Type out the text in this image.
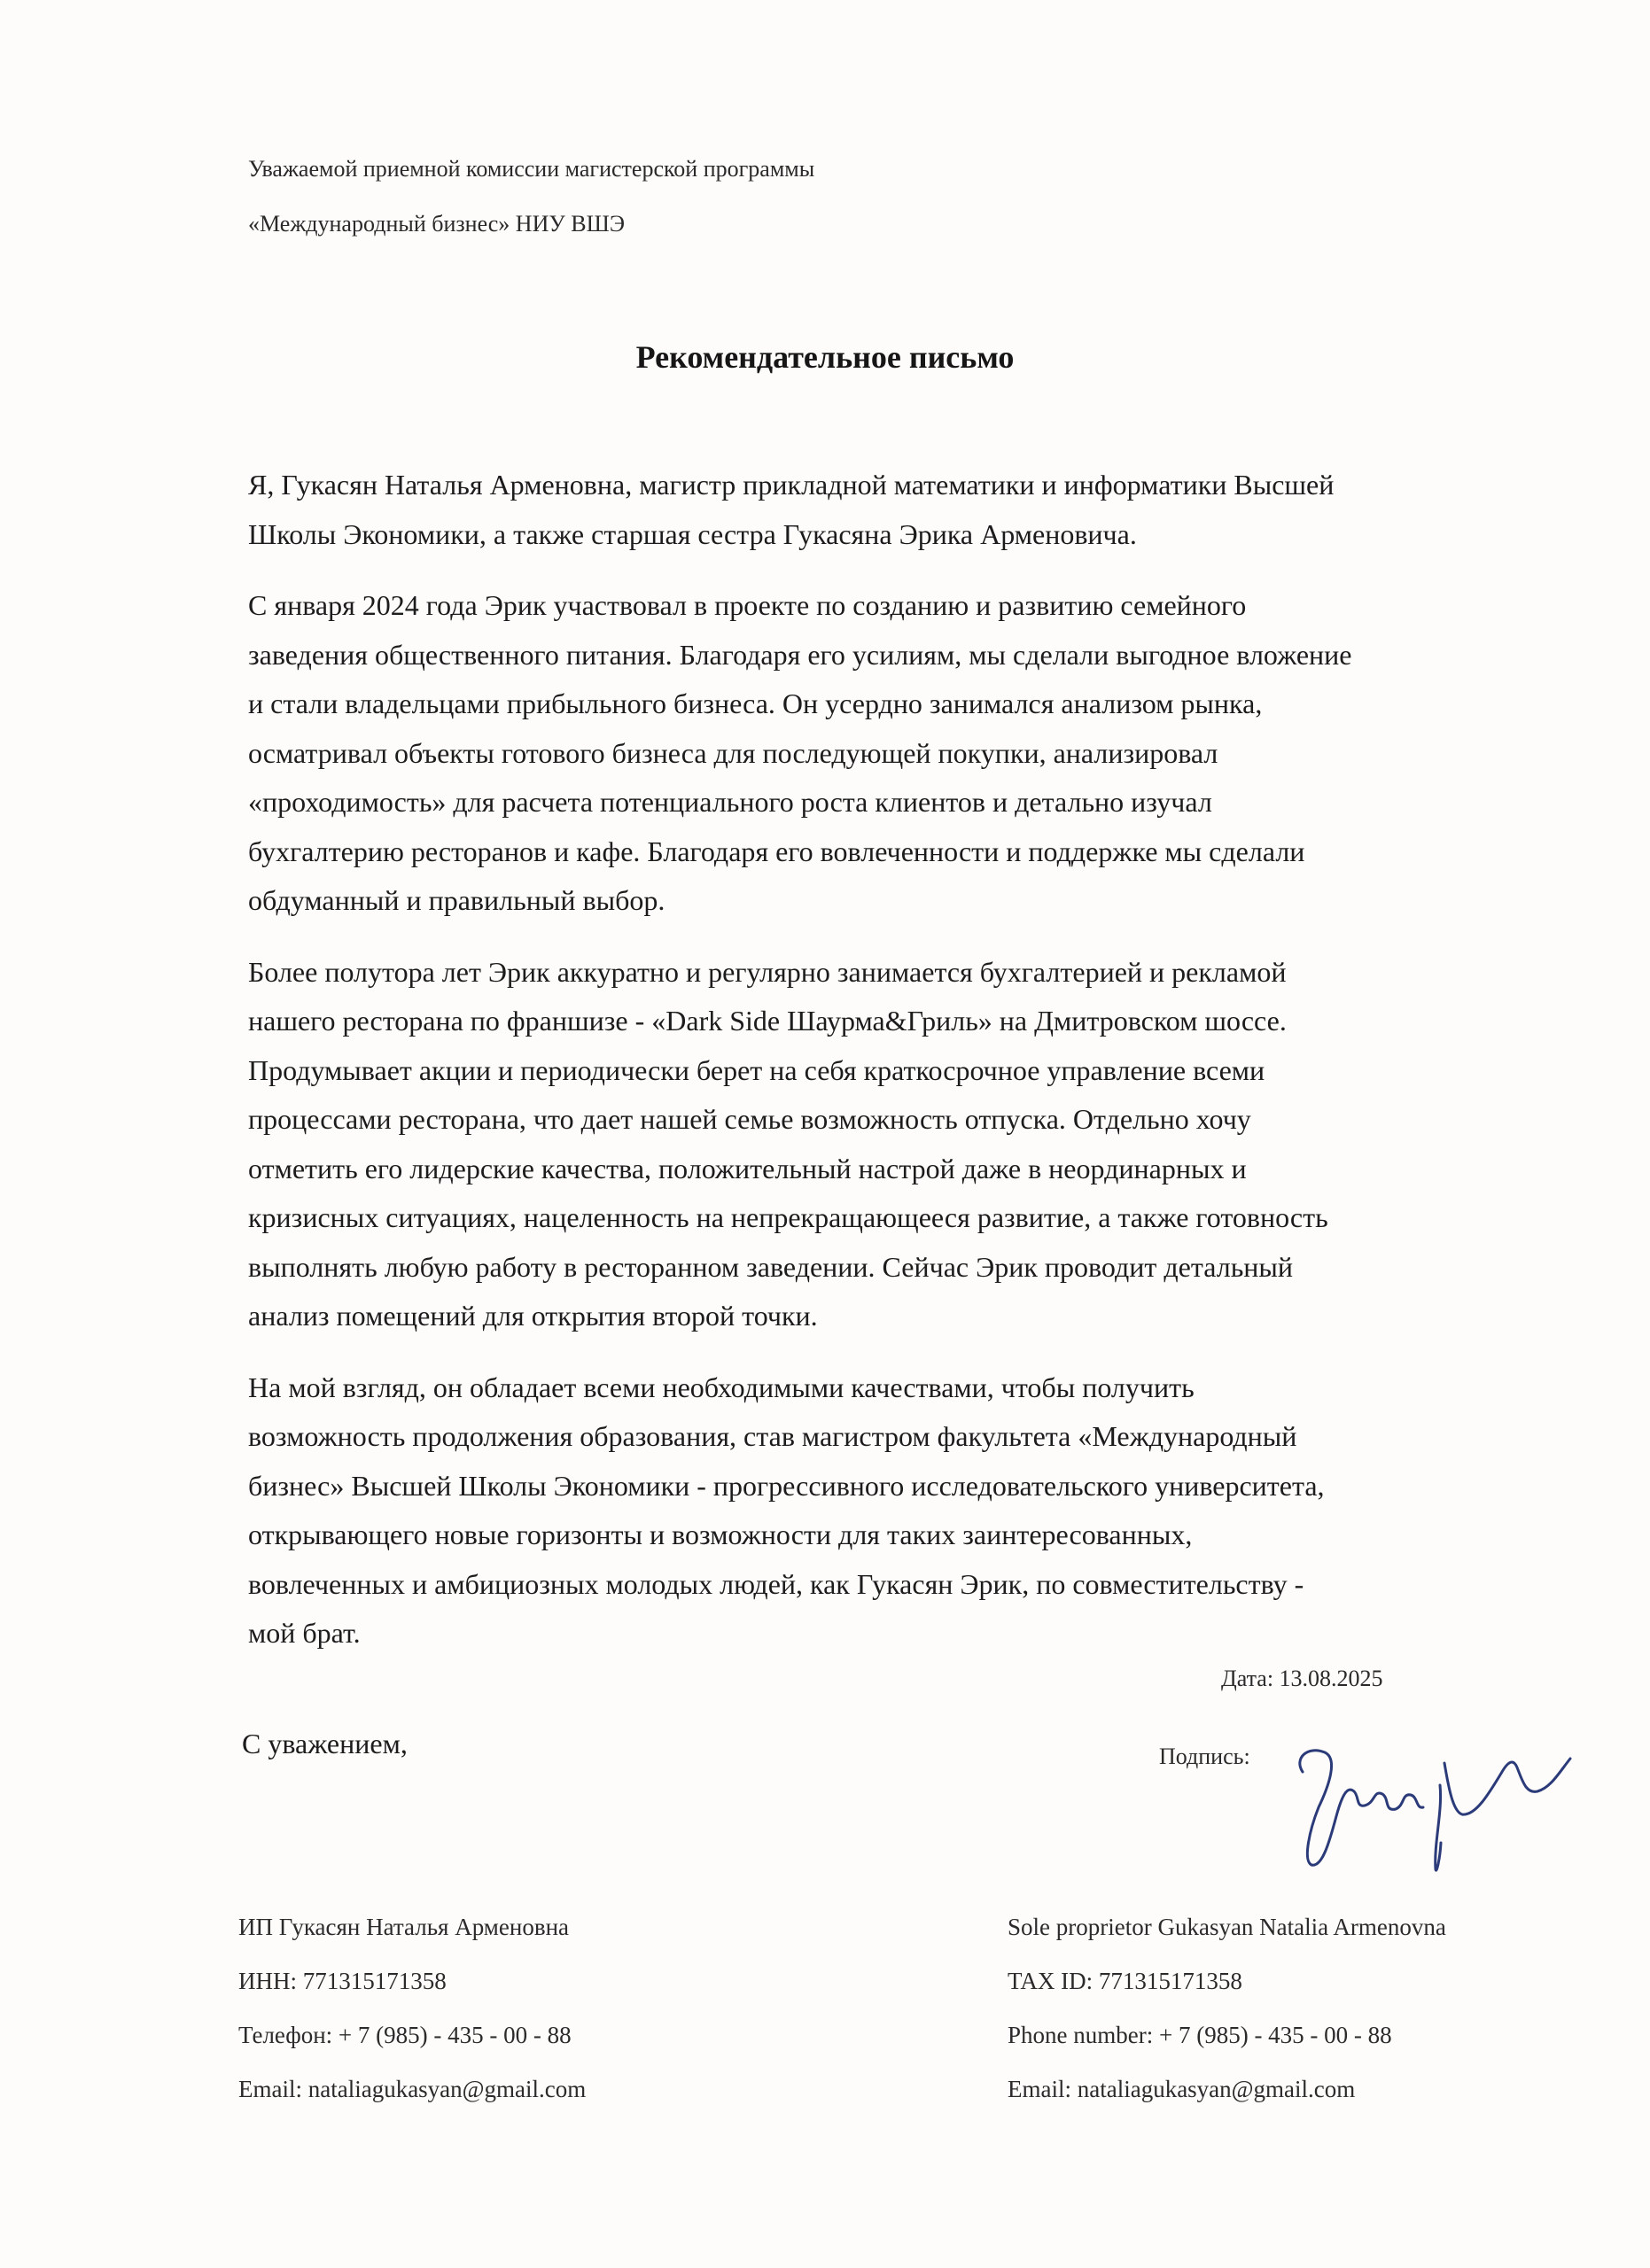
Уважаемой приемной комиссии магистерской программы
«Международный бизнес» НИУ ВШЭ
Рекомендательное письмо

Я, Гукасян Наталья Арменовна, магистр прикладной математики и информатики Высшей
Школы Экономики, а также старшая сестра Гукасяна Эрика Арменовича.

С января 2024 года Эрик участвовал в проекте по созданию и развитию семейного
заведения общественного питания. Благодаря его усилиям, мы сделали выгодное вложение
и стали владельцами прибыльного бизнеса. Он усердно занимался анализом рынка,
осматривал объекты готового бизнеса для последующей покупки, анализировал
«проходимость» для расчета потенциального роста клиентов и детально изучал
бухгалтерию ресторанов и кафе. Благодаря его вовлеченности и поддержке мы сделали
обдуманный и правильный выбор.

Более полутора лет Эрик аккуратно и регулярно занимается бухгалтерией и рекламой
нашего ресторана по франшизе - «Dark Side Шаурма&Гриль» на Дмитровском шоссе.
Продумывает акции и периодически берет на себя краткосрочное управление всеми
процессами ресторана, что дает нашей семье возможность отпуска. Отдельно хочу
отметить его лидерские качества, положительный настрой даже в неординарных и
кризисных ситуациях, нацеленность на непрекращающееся развитие, а также готовность
выполнять любую работу в ресторанном заведении. Сейчас Эрик проводит детальный
анализ помещений для открытия второй точки.

На мой взгляд, он обладает всеми необходимыми качествами, чтобы получить
возможность продолжения образования, став магистром факультета «Международный
бизнес» Высшей Школы Экономики - прогрессивного исследовательского университета,
открывающего новые горизонты и возможности для таких заинтересованных,
вовлеченных и амбициозных молодых людей, как Гукасян Эрик, по совместительству -
мой брат.

Дата: 13.08.2025
С уважением,	Подпись:
ИП Гукасян Наталья Арменовна
ИНН: 771315171358
Телефон: + 7 (985) - 435 - 00 - 88
Email: nataliagukasyan@gmail.com
Sole proprietor Gukasyan Natalia Armenovna
TAX ID: 771315171358
Phone number: + 7 (985) - 435 - 00 - 88
Email: nataliagukasyan@gmail.com
